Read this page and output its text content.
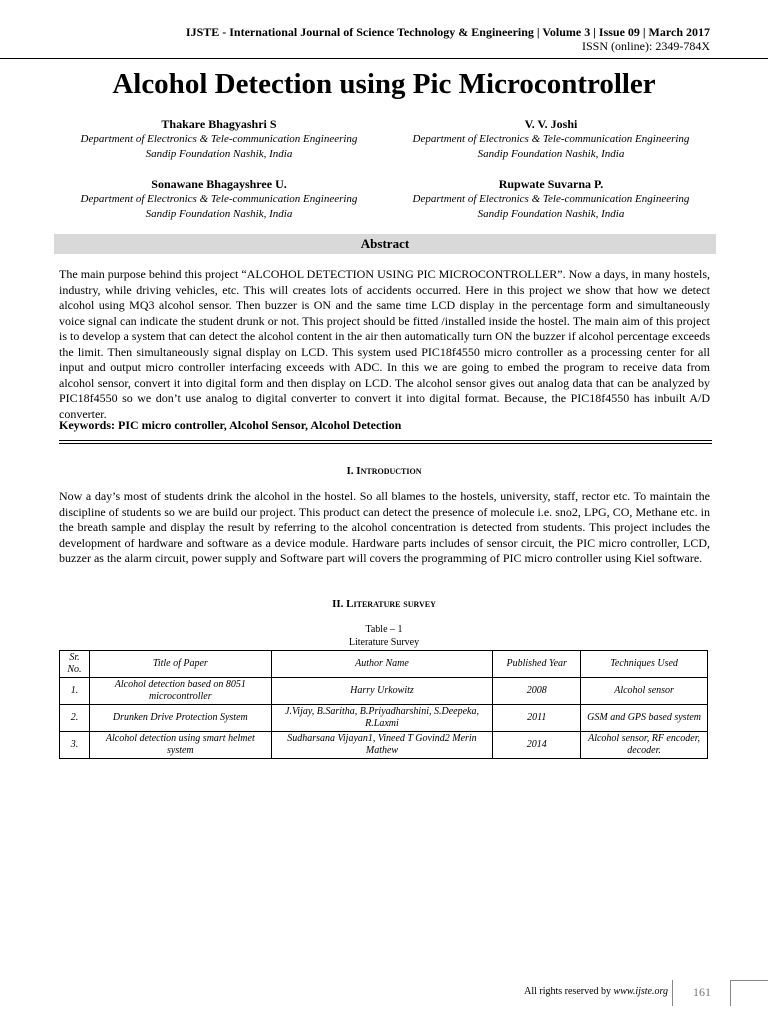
IJSTE - International Journal of Science Technology & Engineering | Volume 3 | Issue 09 | March 2017
ISSN (online): 2349-784X
Alcohol Detection using Pic Microcontroller
Thakare Bhagyashri S
Department of Electronics & Tele-communication Engineering
Sandip Foundation Nashik, India
V. V. Joshi
Department of Electronics & Tele-communication Engineering
Sandip Foundation Nashik, India
Sonawane Bhagayshree U.
Department of Electronics & Tele-communication Engineering
Sandip Foundation Nashik, India
Rupwate Suvarna P.
Department of Electronics & Tele-communication Engineering
Sandip Foundation Nashik, India
Abstract

The main purpose behind this project “ALCOHOL DETECTION USING PIC MICROCONTROLLER”. Now a days, in many hostels, industry, while driving vehicles, etc. This will creates lots of accidents occurred. Here in this project we show that how we detect alcohol using MQ3 alcohol sensor. Then buzzer is ON and the same time LCD display in the percentage form and simultaneously voice signal can indicate the student drunk or not. This project should be fitted /installed inside the hostel. The main aim of this project is to develop a system that can detect the alcohol content in the air then automatically turn ON the buzzer if alcohol percentage exceeds the limit. Then simultaneously signal display on LCD. This system used PIC18f4550 micro controller as a processing center for all input and output micro controller interfacing exceeds with ADC. In this we are going to embed the program to receive data from alcohol sensor, convert it into digital form and then display on LCD. The alcohol sensor gives out analog data that can be analyzed by PIC18f4550 so we don’t use analog to digital converter to convert it into digital format. Because, the PIC18f4550 has inbuilt A/D converter.

Keywords: PIC micro controller, Alcohol Sensor, Alcohol Detection
I. Introduction

Now a day’s most of students drink the alcohol in the hostel. So all blames to the hostels, university, staff, rector etc. To maintain the discipline of students so we are build our project. This product can detect the presence of molecule i.e. sno2, LPG, CO, Methane etc. in the breath sample and display the result by referring to the alcohol concentration is detected from students. This project includes the development of hardware and software as a device module. Hardware parts includes of sensor circuit, the PIC micro controller, LCD, buzzer as the alarm circuit, power supply and Software part will covers the programming of PIC micro controller using Kiel software.

II. Literature survey
Table – 1
Literature Survey
Sr. No.	Title of Paper	Author Name	Published Year	Techniques Used
1.	Alcohol detection based on 8051 microcontroller	Harry Urkowitz	2008	Alcohol sensor
2.	Drunken Drive Protection System	J.Vijay, B.Saritha, B.Priyadharshini, S.Deepeka, R.Laxmi	2011	GSM and GPS based system
3.	Alcohol detection using smart helmet system	Sudharsana Vijayan1, Vineed T Govind2 Merin Mathew	2014	Alcohol sensor, RF encoder, decoder.
All rights reserved by www.ijste.org	161
